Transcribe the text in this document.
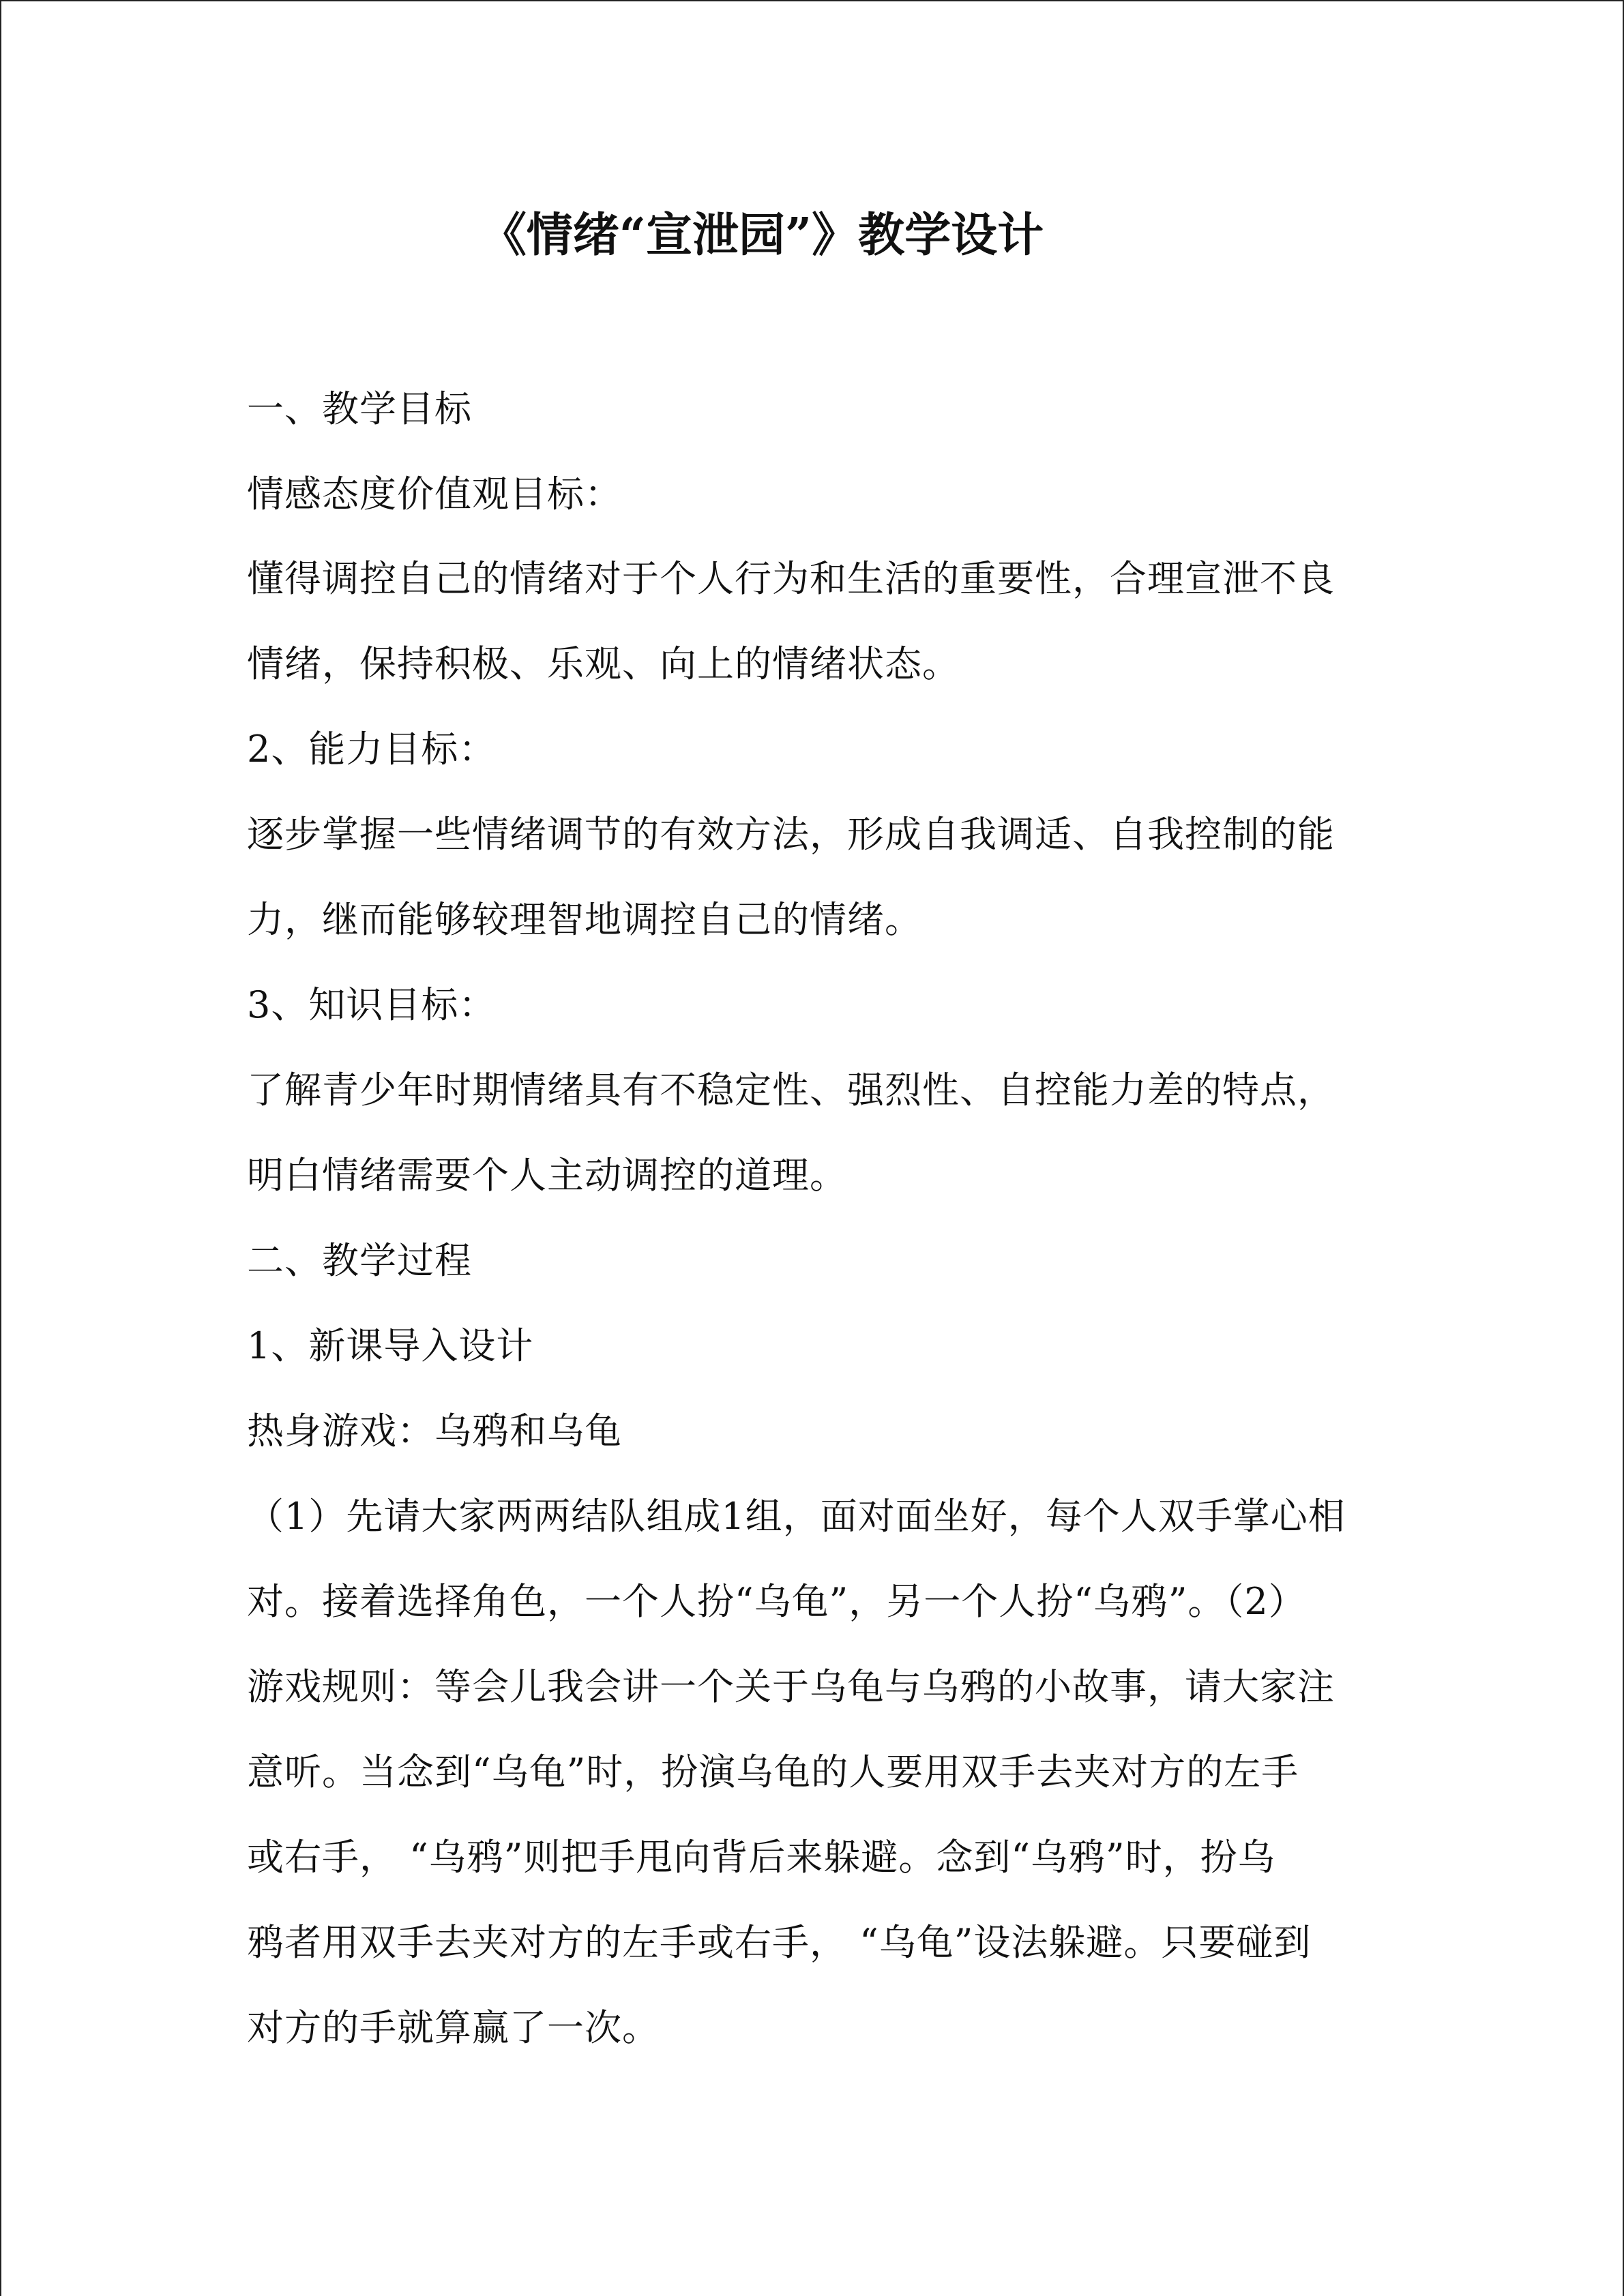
《情绪“宣泄园”》教学设计
一、教学目标
情感态度价值观目标：
懂得调控自己的情绪对于个人行为和生活的重要性，合理宣泄不良
情绪，保持积极、乐观、向上的情绪状态。
2、能力目标：
逐步掌握一些情绪调节的有效方法，形成自我调适、自我控制的能
力，继而能够较理智地调控自己的情绪。
3、知识目标：
了解青少年时期情绪具有不稳定性、强烈性、自控能力差的特点，
明白情绪需要个人主动调控的道理。
二、教学过程
1、新课导入设计
热身游戏：乌鸦和乌龟
（1）先请大家两两结队组成1组，面对面坐好，每个人双手掌心相
对。接着选择角色，一个人扮“乌龟”，另一个人扮“乌鸦”。（2）
游戏规则：等会儿我会讲一个关于乌龟与乌鸦的小故事，请大家注
意听。当念到“乌龟”时，扮演乌龟的人要用双手去夹对方的左手
或右手， “乌鸦”则把手甩向背后来躲避。念到“乌鸦”时，扮乌
鸦者用双手去夹对方的左手或右手， “乌龟”设法躲避。只要碰到
对方的手就算赢了一次。
